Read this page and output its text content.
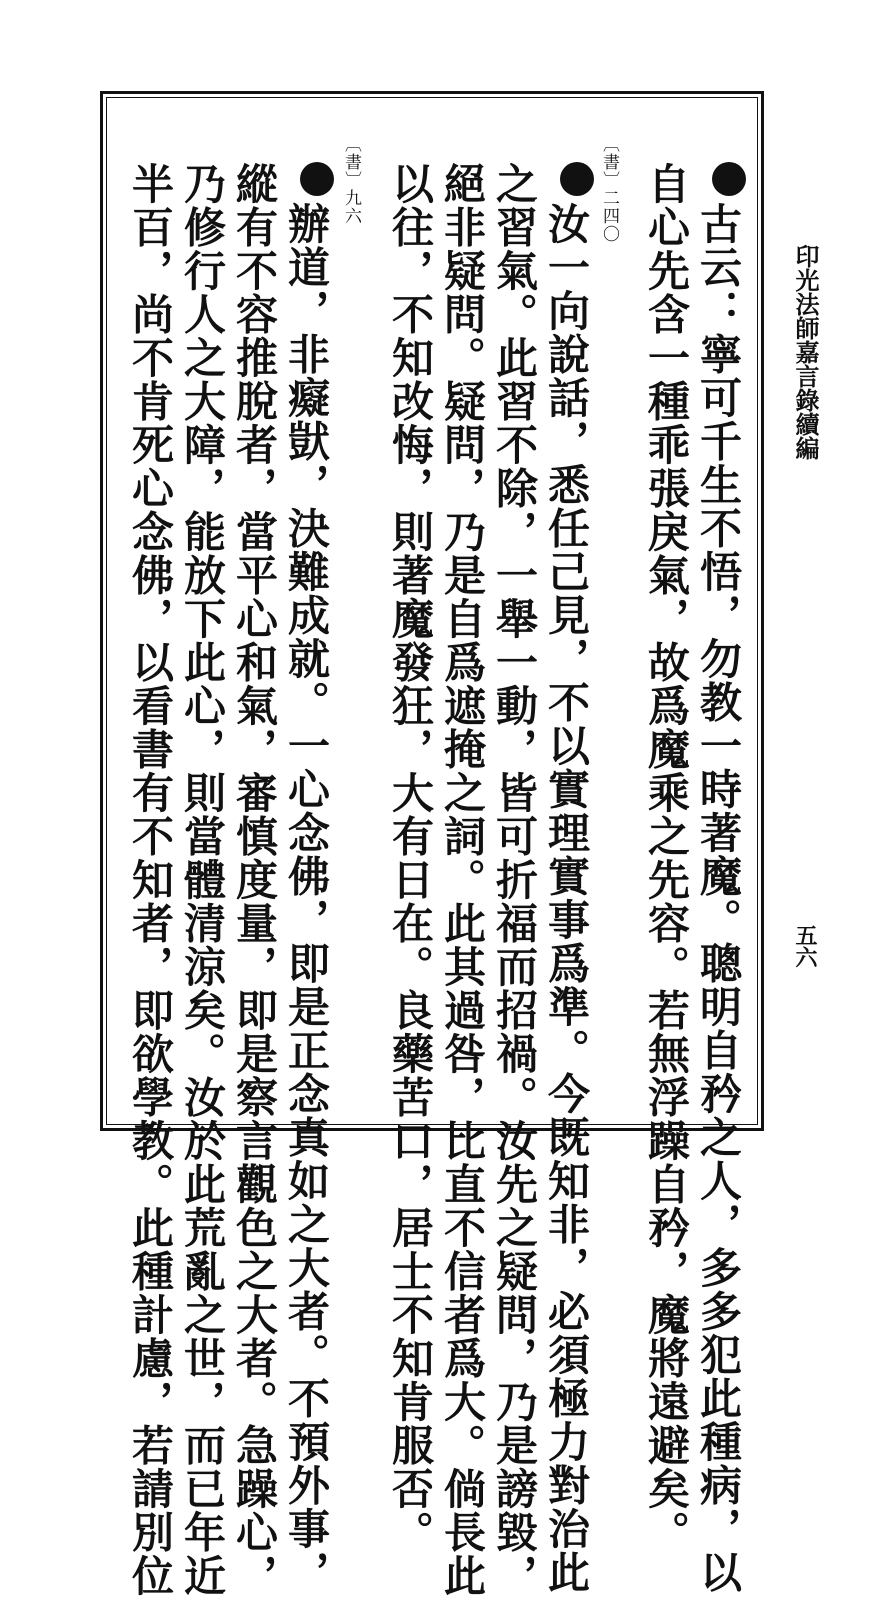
印光法師嘉言錄續編
五六
古云：寧可千生不悟，勿教一時著魔。聰明自矜之人，多多犯此種病，以
自心先含一種乖張戾氣，故爲魔乘之先容。若無浮躁自矜，魔將遠避矣。
〔書〕二四〇
汝一向說話，悉任己見，不以實理實事爲準。今既知非，必須極力對治此
之習氣。此習不除，一舉一動，皆可折福而招禍。汝先之疑問，乃是謗毀，
絕非疑問。疑問，乃是自爲遮掩之詞。此其過咎，比直不信者爲大。倘長此
以往，不知改悔，則著魔發狂，大有日在。良藥苦口，居士不知肯服否。
〔書〕九六
辦道，非癡獃，決難成就。一心念佛，即是正念真如之大者。不預外事，
縱有不容推脫者，當平心和氣，審慎度量，即是察言觀色之大者。急躁心，
乃修行人之大障，能放下此心，則當體清涼矣。汝於此荒亂之世，而已年近
半百，尚不肯死心念佛，以看書有不知者，即欲學教。此種計慮，若請別位
